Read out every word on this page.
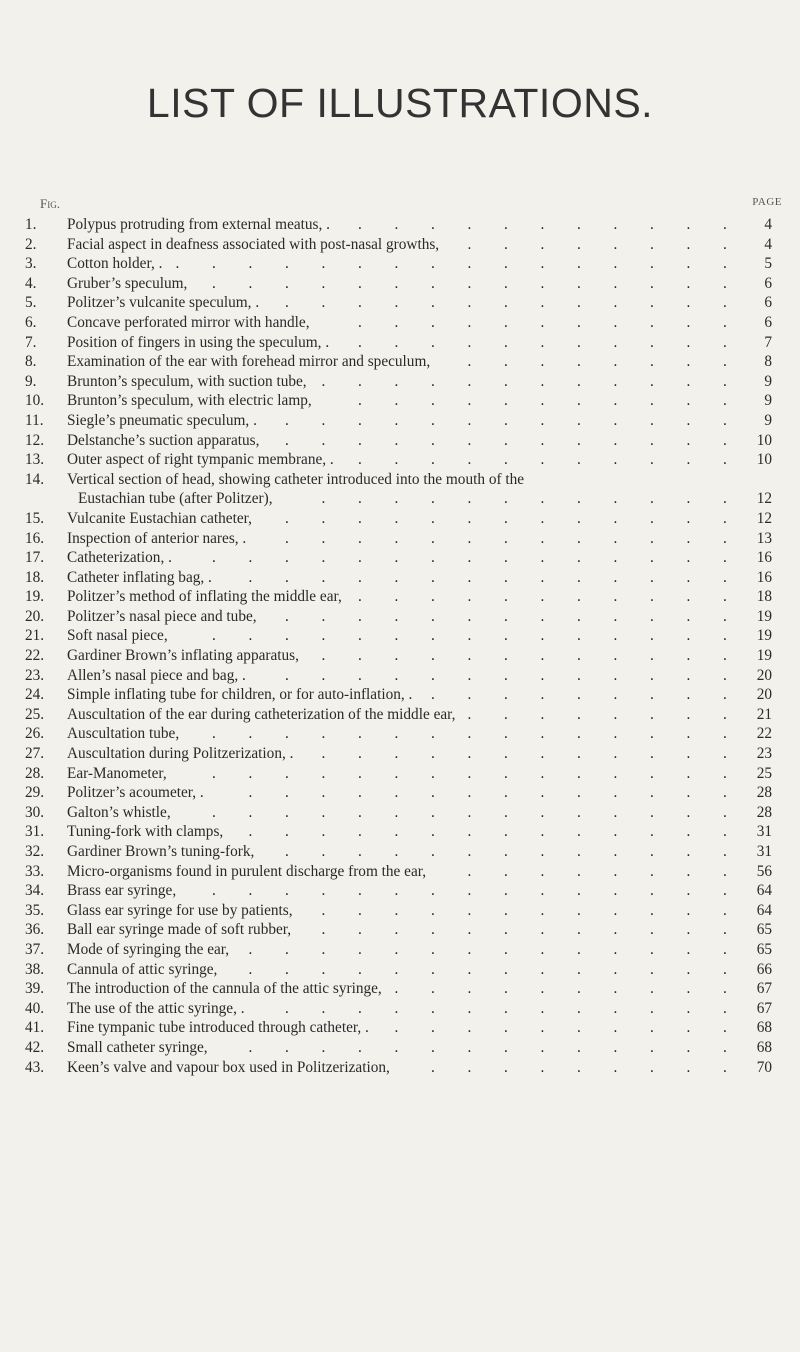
LIST OF ILLUSTRATIONS.
Fig.	PAGE
1.	Polypus protruding from external meatus, .	4
. . . . . . . . . . .
2.	Facial aspect in deafness associated with post-nasal growths,	4
. . . . . . . .
3.	Cotton holder, .	5
. . . . . . . . . . . . . . . .
4.	Gruber’s speculum,	6
. . . . . . . . . . . . . . .
5.	Politzer’s vulcanite speculum, .	6
. . . . . . . . . . . . .
6.	Concave perforated mirror with handle,	6
. . . . . . . . . . .
7.	Position of fingers in using the speculum, .	7
. . . . . . . . . . .
8.	Examination of the ear with forehead mirror and speculum,	8
. . . . . . . .
9.	Brunton’s speculum, with suction tube,	9
. . . . . . . . . . . .
10.	Brunton’s speculum, with electric lamp,	9
. . . . . . . . . . .
11.	Siegle’s pneumatic speculum, .	9
. . . . . . . . . . . . .
12.	Delstanche’s suction apparatus,	10
. . . . . . . . . . . . .
13.	Outer aspect of right tympanic membrane, .	10
. . . . . . . . . . .
14.	Vertical section of head, showing catheter introduced into the mouth of the
Eustachian tube (after Politzer),	12
. . . . . . . . . . . .
15.	Vulcanite Eustachian catheter,	12
. . . . . . . . . . . . .
16.	Inspection of anterior nares, .	13
. . . . . . . . . . . . .
17.	Catheterization, .	16
. . . . . . . . . . . . . . .
18.	Catheter inflating bag, .	16
. . . . . . . . . . . . . .
19.	Politzer’s method of inflating the middle ear,	18
. . . . . . . . . . .
20.	Politzer’s nasal piece and tube,	19
. . . . . . . . . . . . .
21.	Soft nasal piece,	19
. . . . . . . . . . . . . . .
22.	Gardiner Brown’s inflating apparatus,	19
. . . . . . . . . . . .
23.	Allen’s nasal piece and bag, .	20
. . . . . . . . . . . . .
24.	Simple inflating tube for children, or for auto-inflation, .	20
. . . . . . . . .
25.	Auscultation of the ear during catheterization of the middle ear,	21
. . . . . . . .
26.	Auscultation tube,	22
. . . . . . . . . . . . . . .
27.	Auscultation during Politzerization, .	23
. . . . . . . . . . . .
28.	Ear-Manometer,	25
. . . . . . . . . . . . . . .
29.	Politzer’s acoumeter, .	28
. . . . . . . . . . . . . .
30.	Galton’s whistle,	28
. . . . . . . . . . . . . . .
31.	Tuning-fork with clamps,	31
. . . . . . . . . . . . . .
32.	Gardiner Brown’s tuning-fork,	31
. . . . . . . . . . . . .
33.	Micro-organisms found in purulent discharge from the ear,	56
. . . . . . . .
34.	Brass ear syringe,	64
. . . . . . . . . . . . . . .
35.	Glass ear syringe for use by patients,	64
. . . . . . . . . . . .
36.	Ball ear syringe made of soft rubber,	65
. . . . . . . . . . . .
37.	Mode of syringing the ear,	65
. . . . . . . . . . . . . .
38.	Cannula of attic syringe,	66
. . . . . . . . . . . . . .
39.	The introduction of the cannula of the attic syringe,	67
. . . . . . . . . .
40.	The use of the attic syringe, .	67
. . . . . . . . . . . . .
41.	Fine tympanic tube introduced through catheter, .	68
. . . . . . . . . .
42.	Small catheter syringe,	68
. . . . . . . . . . . . . .
43.	Keen’s valve and vapour box used in Politzerization,	70
. . . . . . . . .
